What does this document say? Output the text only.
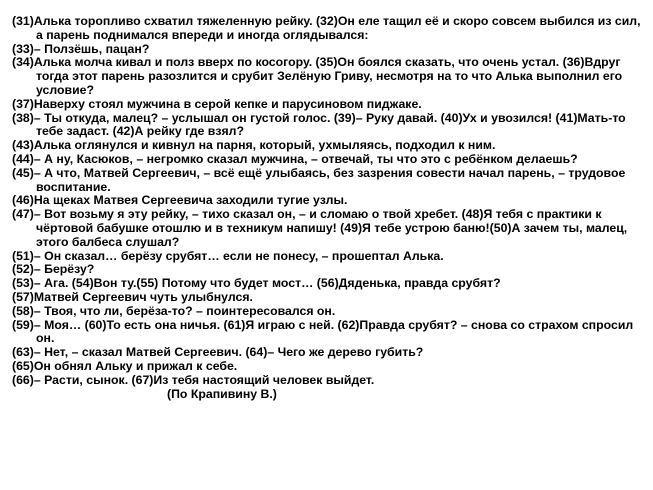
(31)Алька торопливо схватил тяжеленную рейку. (32)Он еле тащил её и скоро совсем выбился из сил, а парень поднимался впереди и иногда оглядывался:

(33)– Ползёшь, пацан?

(34)Алька молча кивал и полз вверх по косогору. (35)Он боялся сказать, что очень устал. (36)Вдруг тогда этот парень разозлится и срубит Зелёную Гриву, несмотря на то что Алька выполнил его условие?

(37)Наверху стоял мужчина в серой кепке и парусиновом пиджаке.

(38)– Ты откуда, малец? – услышал он густой голос. (39)– Руку давай. (40)Ух и увозился! (41)Мать-то тебе задаст. (42)А рейку где взял?

(43)Алька оглянулся и кивнул на парня, который, ухмыляясь, подходил к ним.

(44)– А ну, Касюков, – негромко сказал мужчина, – отвечай, ты что это с ребёнком делаешь?

(45)– А что, Матвей Сергеевич, – всё ещё улыбаясь, без зазрения совести начал парень, – трудовое воспитание.

(46)На щеках Матвея Сергеевича заходили тугие узлы.

(47)– Вот возьму я эту рейку, – тихо сказал он, – и сломаю о твой хребет. (48)Я тебя с практики к чёртовой бабушке отошлю и в техникум напишу! (49)Я тебе устрою баню!(50)А зачем ты, малец, этого балбеса слушал?

(51)– Он сказал… берёзу срубят… если не понесу, – прошептал Алька.

(52)– Берёзу?

(53)– Ага. (54)Вон ту.(55) Потому что будет мост… (56)Дяденька, правда срубят?

(57)Матвей Сергеевич чуть улыбнулся.

(58)– Твоя, что ли, берёза-то? – поинтересовался он.

(59)– Моя… (60)То есть она ничья. (61)Я играю с ней. (62)Правда срубят? – снова со страхом спросил он.

(63)– Нет, – сказал Матвей Сергеевич. (64)– Чего же дерево губить?

(65)Он обнял Альку и прижал к себе.

(66)– Расти, сынок. (67)Из тебя настоящий человек выйдет.

(По Крапивину В.)
